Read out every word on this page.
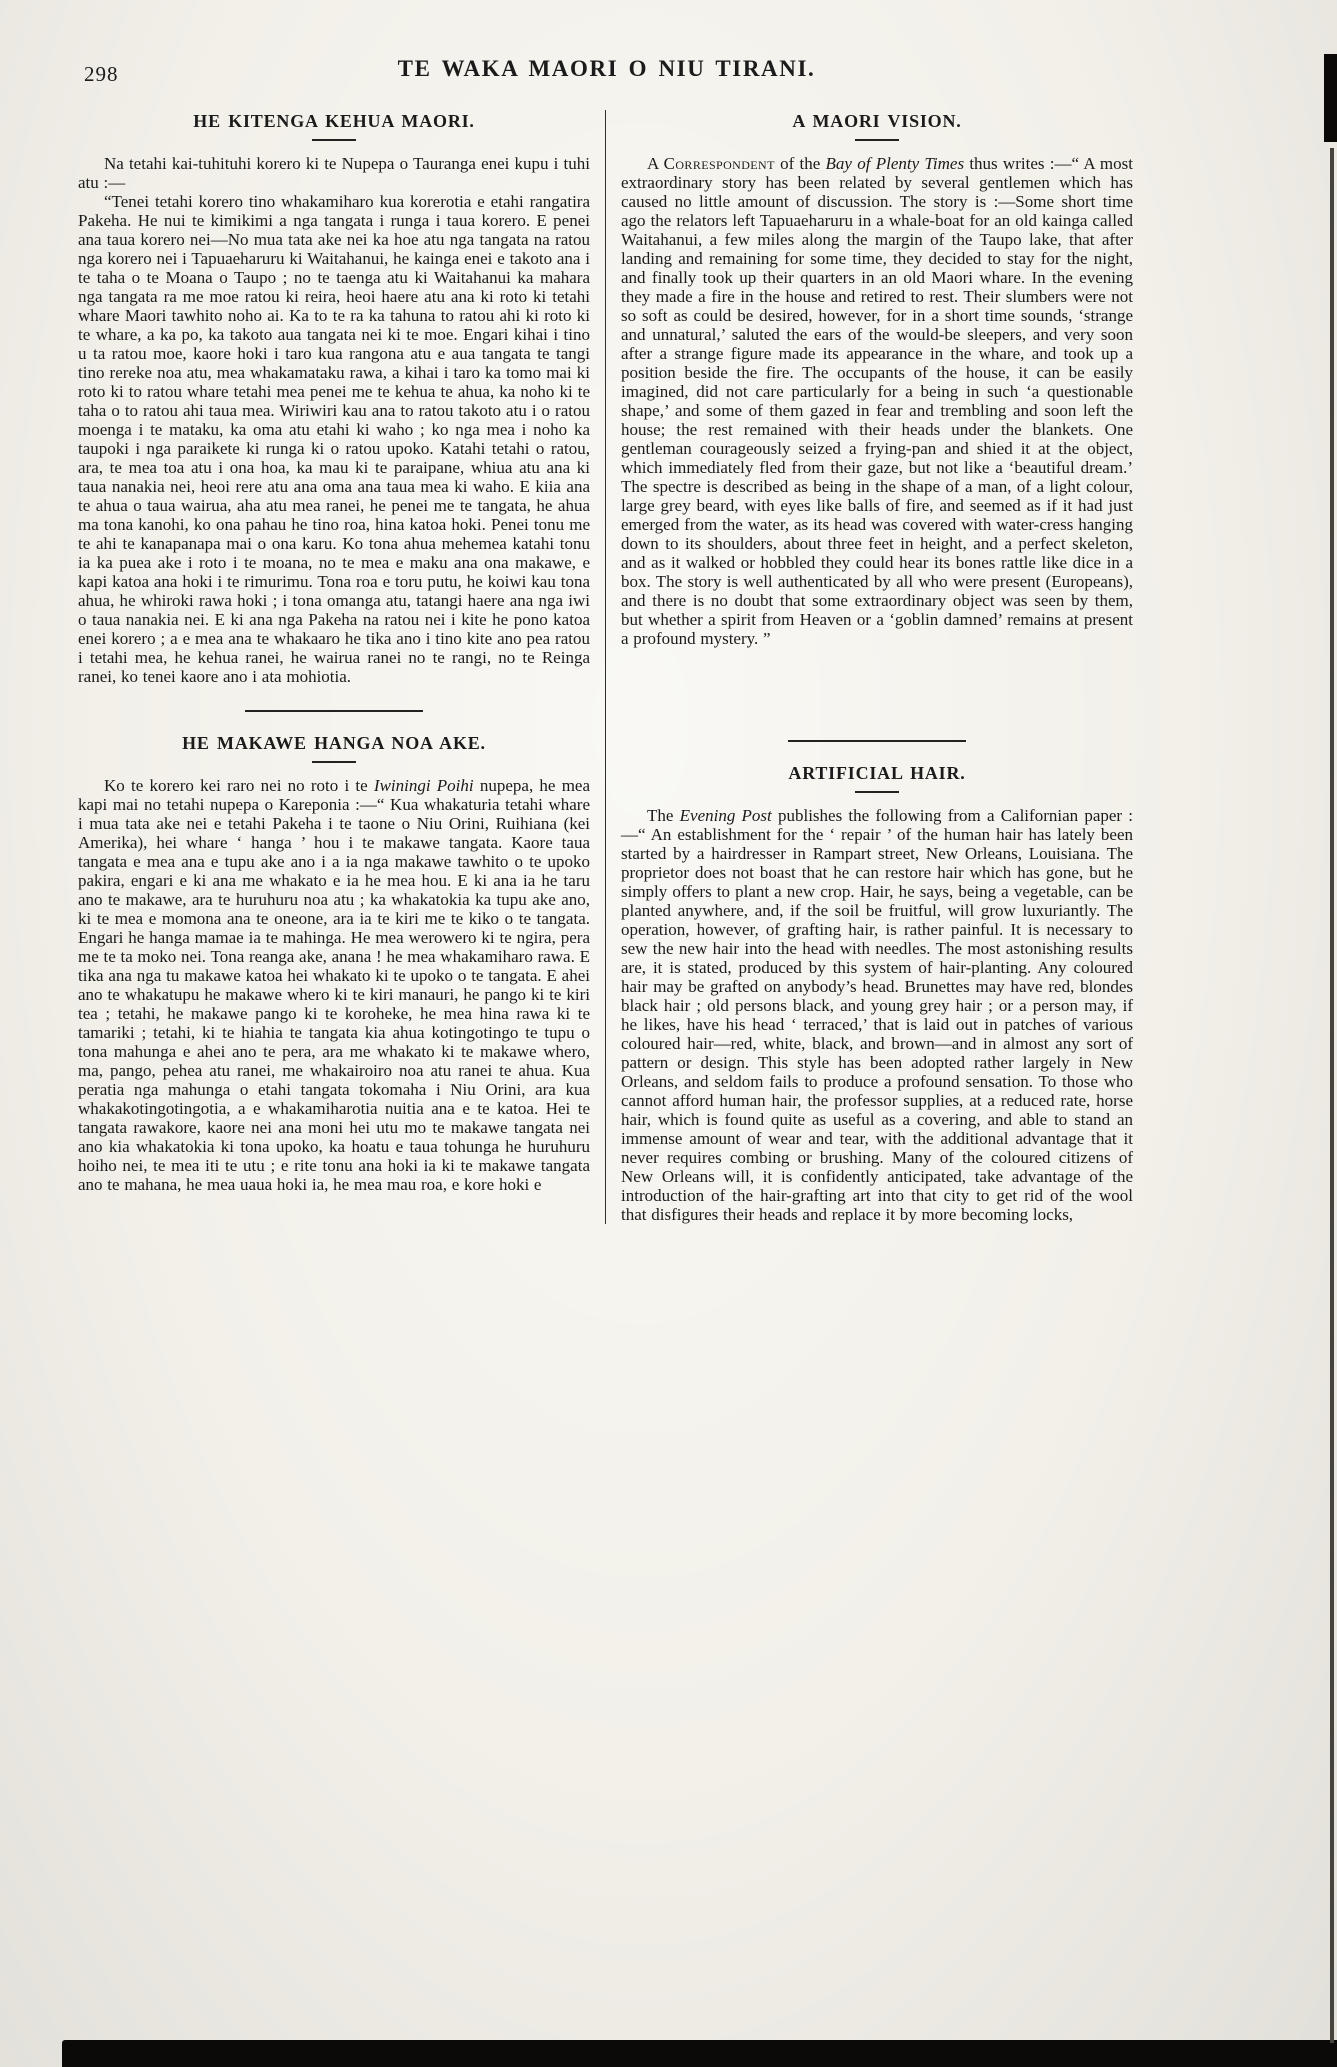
298	TE WAKA MAORI O NIU TIRANI.
HE KITENGA KEHUA MAORI.

Na tetahi kai-tuhituhi korero ki te Nupepa o Tauranga enei kupu i tuhi atu :—

“Tenei tetahi korero tino whakamiharo kua korerotia e etahi rangatira Pakeha. He nui te kimikimi a nga tangata i runga i taua korero. E penei ana taua korero nei—No mua tata ake nei ka hoe atu nga tangata na ratou nga korero nei i Tapuaeharuru ki Waitahanui, he kainga enei e takoto ana i te taha o te Moana o Taupo ; no te taenga atu ki Waitahanui ka mahara nga tangata ra me moe ratou ki reira, heoi haere atu ana ki roto ki tetahi whare Maori tawhito noho ai. Ka to te ra ka tahuna to ratou ahi ki roto ki te whare, a ka po, ka takoto aua tangata nei ki te moe. Engari kihai i tino u ta ratou moe, kaore hoki i taro kua rangona atu e aua tangata te tangi tino rereke noa atu, mea whakamataku rawa, a kihai i taro ka tomo mai ki roto ki to ratou whare tetahi mea penei me te kehua te ahua, ka noho ki te taha o to ratou ahi taua mea. Wiriwiri kau ana to ratou takoto atu i o ratou moenga i te mataku, ka oma atu etahi ki waho ; ko nga mea i noho ka taupoki i nga paraikete ki runga ki o ratou upoko. Katahi tetahi o ratou, ara, te mea toa atu i ona hoa, ka mau ki te paraipane, whiua atu ana ki taua nanakia nei, heoi rere atu ana oma ana taua mea ki waho. E kiia ana te ahua o taua wairua, aha atu mea ranei, he penei me te tangata, he ahua ma tona kanohi, ko ona pahau he tino roa, hina katoa hoki. Penei tonu me te ahi te kanapanapa mai o ona karu. Ko tona ahua mehemea katahi tonu ia ka puea ake i roto i te moana, no te mea e maku ana ona makawe, e kapi katoa ana hoki i te rimurimu. Tona roa e toru putu, he koiwi kau tona ahua, he whiroki rawa hoki ; i tona omanga atu, tatangi haere ana nga iwi o taua nanakia nei. E ki ana nga Pakeha na ratou nei i kite he pono katoa enei korero ; a e mea ana te whakaaro he tika ano i tino kite ano pea ratou i tetahi mea, he kehua ranei, he wairua ranei no te rangi, no te Reinga ranei, ko tenei kaore ano i ata mohiotia.

HE MAKAWE HANGA NOA AKE.

Ko te korero kei raro nei no roto i te Iwiningi Poihi nupepa, he mea kapi mai no tetahi nupepa o Kareponia :—“ Kua whakaturia tetahi whare i mua tata ake nei e tetahi Pakeha i te taone o Niu Orini, Ruihiana (kei Amerika), hei whare ‘ hanga ’ hou i te makawe tangata. Kaore taua tangata e mea ana e tupu ake ano i a ia nga makawe tawhito o te upoko pakira, engari e ki ana me whakato e ia he mea hou. E ki ana ia he taru ano te makawe, ara te huruhuru noa atu ; ka whakatokia ka tupu ake ano, ki te mea e momona ana te oneone, ara ia te kiri me te kiko o te tangata. Engari he hanga mamae ia te mahinga. He mea werowero ki te ngira, pera me te ta moko nei. Tona reanga ake, anana ! he mea whakamiharo rawa. E tika ana nga tu makawe katoa hei whakato ki te upoko o te tangata. E ahei ano te whakatupu he makawe whero ki te kiri manauri, he pango ki te kiri tea ; tetahi, he makawe pango ki te koroheke, he mea hina rawa ki te tamariki ; tetahi, ki te hiahia te tangata kia ahua kotingotingo te tupu o tona mahunga e ahei ano te pera, ara me whakato ki te makawe whero, ma, pango, pehea atu ranei, me whakairoiro noa atu ranei te ahua. Kua peratia nga mahunga o etahi tangata tokomaha i Niu Orini, ara kua whakakotingotingotia, a e whakamiharotia nuitia ana e te katoa. Hei te tangata rawakore, kaore nei ana moni hei utu mo te makawe tangata nei ano kia whakatokia ki tona upoko, ka hoatu e taua tohunga he huruhuru hoiho nei, te mea iti te utu ; e rite tonu ana hoki ia ki te makawe tangata ano te mahana, he mea uaua hoki ia, he mea mau roa, e kore hoki e

A MAORI VISION.

A Correspondent of the Bay of Plenty Times thus writes :—“ A most extraordinary story has been related by several gentlemen which has caused no little amount of discussion. The story is :—Some short time ago the relators left Tapuaeharuru in a whale-boat for an old kainga called Waitahanui, a few miles along the margin of the Taupo lake, that after landing and remaining for some time, they decided to stay for the night, and finally took up their quarters in an old Maori whare. In the evening they made a fire in the house and retired to rest. Their slumbers were not so soft as could be desired, however, for in a short time sounds, ‘strange and unnatural,’ saluted the ears of the would-be sleepers, and very soon after a strange figure made its appearance in the whare, and took up a position beside the fire. The occupants of the house, it can be easily imagined, did not care particularly for a being in such ‘a questionable shape,’ and some of them gazed in fear and trembling and soon left the house; the rest remained with their heads under the blankets. One gentleman courageously seized a frying-pan and shied it at the object, which immediately fled from their gaze, but not like a ‘beautiful dream.’ The spectre is described as being in the shape of a man, of a light colour, large grey beard, with eyes like balls of fire, and seemed as if it had just emerged from the water, as its head was covered with water-cress hanging down to its shoulders, about three feet in height, and a perfect skeleton, and as it walked or hobbled they could hear its bones rattle like dice in a box. The story is well authenticated by all who were present (Europeans), and there is no doubt that some extraordinary object was seen by them, but whether a spirit from Heaven or a ‘goblin damned’ remains at present a profound mystery. ”

ARTIFICIAL HAIR.

The Evening Post publishes the following from a Californian paper :—“ An establishment for the ‘ repair ’ of the human hair has lately been started by a hairdresser in Rampart street, New Orleans, Louisiana. The proprietor does not boast that he can restore hair which has gone, but he simply offers to plant a new crop. Hair, he says, being a vegetable, can be planted anywhere, and, if the soil be fruitful, will grow luxuriantly. The operation, however, of grafting hair, is rather painful. It is necessary to sew the new hair into the head with needles. The most astonishing results are, it is stated, produced by this system of hair-planting. Any coloured hair may be grafted on anybody’s head. Brunettes may have red, blondes black hair ; old persons black, and young grey hair ; or a person may, if he likes, have his head ‘ terraced,’ that is laid out in patches of various coloured hair—red, white, black, and brown—and in almost any sort of pattern or design. This style has been adopted rather largely in New Orleans, and seldom fails to produce a profound sensation. To those who cannot afford human hair, the professor supplies, at a reduced rate, horse hair, which is found quite as useful as a covering, and able to stand an immense amount of wear and tear, with the additional advantage that it never requires combing or brushing. Many of the coloured citizens of New Orleans will, it is confidently anticipated, take advantage of the introduction of the hair-grafting art into that city to get rid of the wool that disfigures their heads and replace it by more becoming locks,
